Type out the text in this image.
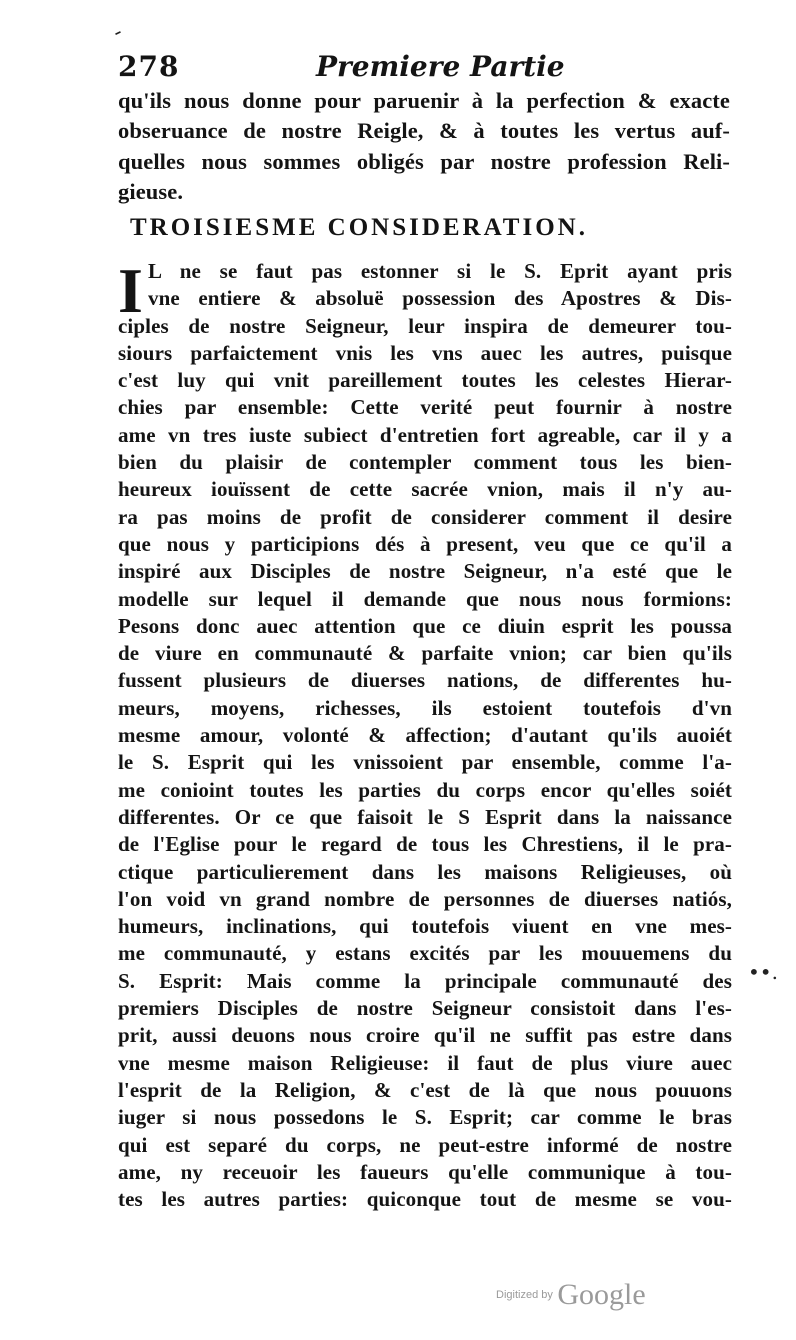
-
278	Premiere Partie
qu'ils nous donne pour paruenir à la perfection & exacte
obseruance de nostre Reigle, & à toutes les vertus auf-
quelles nous sommes obligés par nostre profession Reli-
gieuse.
TROISIESME CONSIDERATION.
I L ne se faut pas estonner si le S. Eprit ayant pris
vne entiere & absoluë possession des Apostres & Dis-
ciples de nostre Seigneur, leur inspira de demeurer tou-
siours parfaictement vnis les vns auec les autres, puisque
c'est luy qui vnit pareillement toutes les celestes Hierar-
chies par ensemble: Cette verité peut fournir à nostre
ame vn tres iuste subiect d'entretien fort agreable, car il y a
bien du plaisir de contempler comment tous les bien-
heureux iouïssent de cette sacrée vnion, mais il n'y au-
ra pas moins de profit de considerer comment il desire
que nous y participions dés à present, veu que ce qu'il a
inspiré aux Disciples de nostre Seigneur, n'a esté que le
modelle sur lequel il demande que nous nous formions:
Pesons donc auec attention que ce diuin esprit les poussa
de viure en communauté & parfaite vnion; car bien qu'ils
fussent plusieurs de diuerses nations, de differentes hu-
meurs, moyens, richesses, ils estoient toutefois d'vn
mesme amour, volonté & affection; d'autant qu'ils auoiét
le S. Esprit qui les vnissoient par ensemble, comme l'a-
me conioint toutes les parties du corps encor qu'elles soiét
differentes. Or ce que faisoit le S Esprit dans la naissance
de l'Eglise pour le regard de tous les Chrestiens, il le pra-
ctique particulierement dans les maisons Religieuses, où
l'on void vn grand nombre de personnes de diuerses natiós,
humeurs, inclinations, qui toutefois viuent en vne mes-
me communauté, y estans excités par les mouuemens du
S. Esprit: Mais comme la principale communauté des
premiers Disciples de nostre Seigneur consistoit dans l'es-
prit, aussi deuons nous croire qu'il ne suffit pas estre dans
vne mesme maison Religieuse: il faut de plus viure auec
l'esprit de la Religion, & c'est de là que nous pouuons
iuger si nous possedons le S. Esprit; car comme le bras
qui est separé du corps, ne peut-estre informé de nostre
ame, ny receuoir les faueurs qu'elle communique à tou-
tes les autres parties: quiconque tout de mesme se vou-
••.
Digitized by Google
